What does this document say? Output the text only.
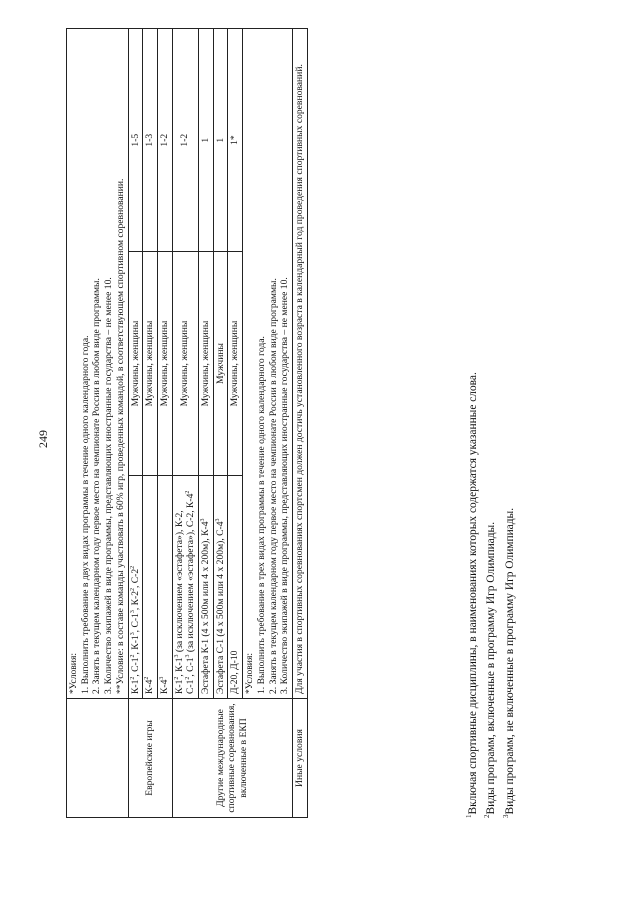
249

	*Условия: 1. Выполнить требование в двух видах программы в течение одного календарного года. 2. Занять в текущем календарном году первое место на чемпионате России в любом виде программы. 3. Количество экипажей в виде программы, представляющих иностранные государства – не менее 10. **Условие: в составе команды участвовать в 60% игр, проведенных командой, в соответствующем спортивном соревновании.		

Европейские игры	$К-1^2$, $С-1^2$, $К-1^3$, $С-1^3$, $К-2^2$, $С-2^2$	Мужчины, женщины	1-5
	$К-4^2$	Мужчины, женщины	1-3
	$К-4^3$	Мужчины, женщины	1-2
Другие международные спортивные соревнования, включенные в ЕКП	$К-1^2$, $К-1^3$ (за исключением «эстафета»), К-2,
$С-1^2$, $С-1^3$ (за исключением «эстафета»), С-2, $К-4^2$	Мужчины, женщины	1-2
	Эстафета К-1 (4 х 500м или 4 х 200м), $К-4^3$	Мужчины, женщины	1
	Эстафета С-1 (4 х 500м или 4 х 200м), $С-4^3$	Мужчины	1
	Д-20, Д-10	Мужчины, женщины	1*

	*Условия: 1. Выполнить требование в трех видах программы в течение одного календарного года. 2. Занять в текущем календарном году первое место на чемпионате России в любом виде программы. 3. Количество экипажей в виде программы, представляющих иностранные государства – не менее 10.		

Иные условия	Для участия в спортивных соревнованиях спортсмен должен достичь установленного возраста в календарный год проведения спортивных соревнований.		
$^1$Включая спортивные дисциплины, в наименованиях которых содержатся указанные слова.
$^2$Виды программ, включенные в программу Игр Олимпиады.
$^3$Виды программ, не включенные в программу Игр Олимпиады.
